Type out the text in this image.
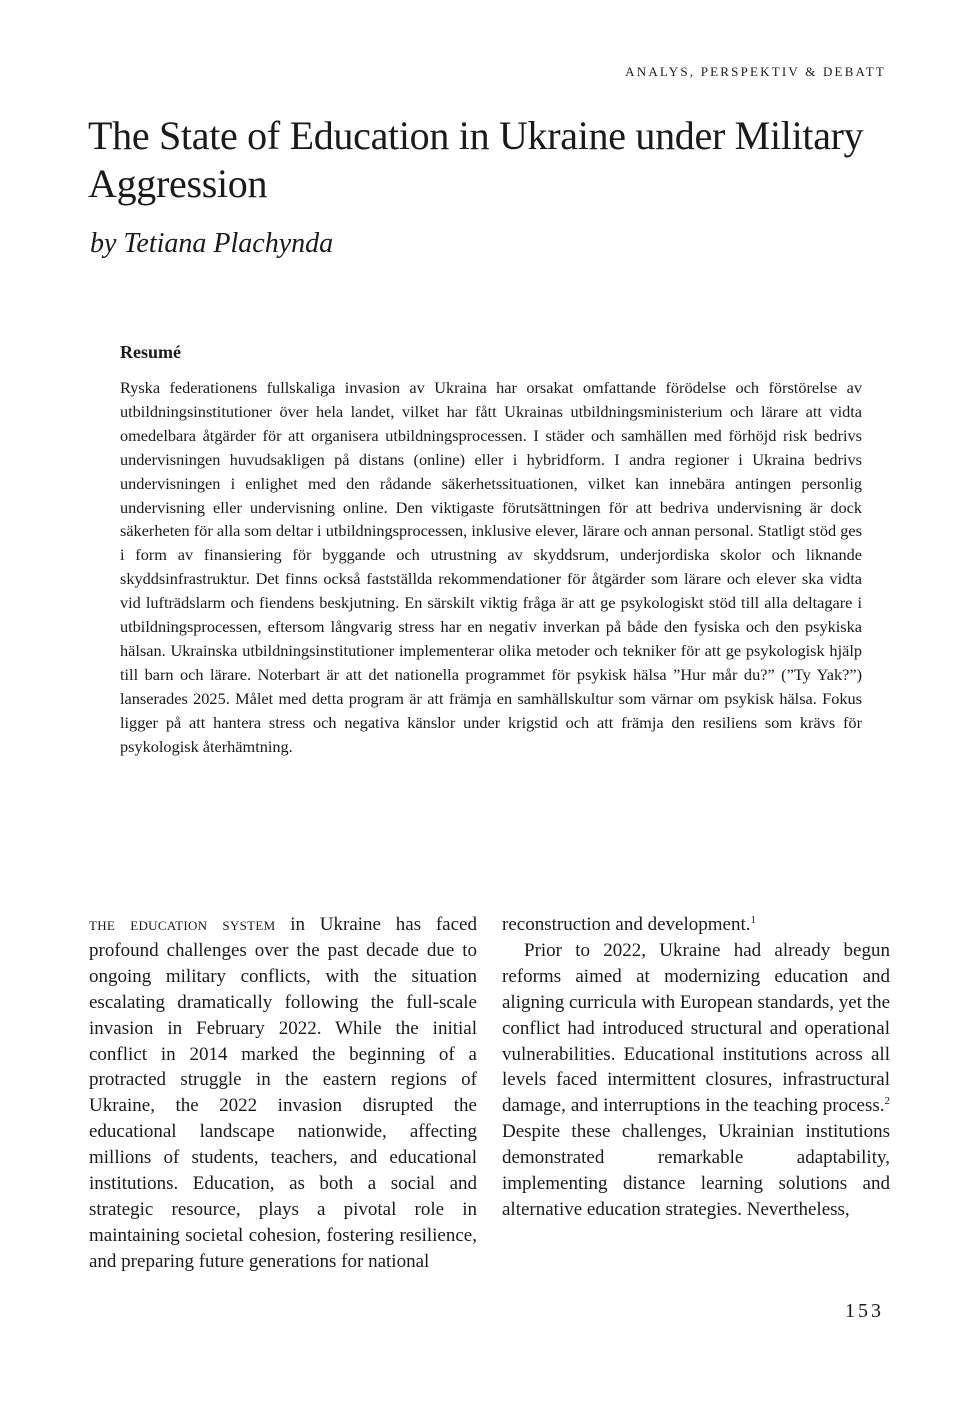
ANALYS, PERSPEKTIV & DEBATT
The State of Education in Ukraine under Military Aggression
by Tetiana Plachynda
Resumé

Ryska federationens fullskaliga invasion av Ukraina har orsakat omfattande förödelse och förstörelse av utbildningsinstitutioner över hela landet, vilket har fått Ukrainas utbildningsministerium och lärare att vidta omedelbara åtgärder för att organisera utbildningsprocessen. I städer och samhällen med förhöjd risk bedrivs undervisningen huvudsakligen på distans (online) eller i hybridform. I andra regioner i Ukraina bedrivs undervisningen i enlighet med den rådande säkerhetssituationen, vilket kan innebära antingen personlig undervisning eller undervisning online. Den viktigaste förutsättningen för att bedriva undervisning är dock säkerheten för alla som deltar i utbildningsprocessen, inklusive elever, lärare och annan personal. Statligt stöd ges i form av finansiering för byggande och utrustning av skyddsrum, underjordiska skolor och liknande skyddsinfrastruktur. Det finns också fastställda rekommendationer för åtgärder som lärare och elever ska vidta vid lufträdslarm och fiendens beskjutning. En särskilt viktig fråga är att ge psykologiskt stöd till alla deltagare i utbildningsprocessen, eftersom långvarig stress har en negativ inverkan på både den fysiska och den psykiska hälsan. Ukrainska utbildningsinstitutioner implementerar olika metoder och tekniker för att ge psykologisk hjälp till barn och lärare. Noterbart är att det nationella programmet för psykisk hälsa ”Hur mår du?” (”Ty Yak?”) lanserades 2025. Målet med detta program är att främja en samhällskultur som värnar om psykisk hälsa. Fokus ligger på att hantera stress och negativa känslor under krigstid och att främja den resiliens som krävs för psykologisk återhämtning.

the education system in Ukraine has faced profound challenges over the past decade due to ongoing military conflicts, with the situation escalating dramatically following the full-scale invasion in February 2022. While the initial conflict in 2014 marked the beginning of a protracted struggle in the eastern regions of Ukraine, the 2022 invasion disrupted the educational landscape nationwide, affecting millions of students, teachers, and educational institutions. Education, as both a social and strategic resource, plays a pivotal role in maintaining societal cohesion, fostering resilience, and preparing future generations for national

reconstruction and development.$^1$

Prior to 2022, Ukraine had already begun reforms aimed at modernizing education and aligning curricula with European standards, yet the conflict had introduced structural and operational vulnerabilities. Educational institutions across all levels faced intermittent closures, infrastructural damage, and interruptions in the teaching process.$^2$ Despite these challenges, Ukrainian institutions demonstrated remarkable adaptability, implementing distance learning solutions and alternative education strategies. Nevertheless,

153
